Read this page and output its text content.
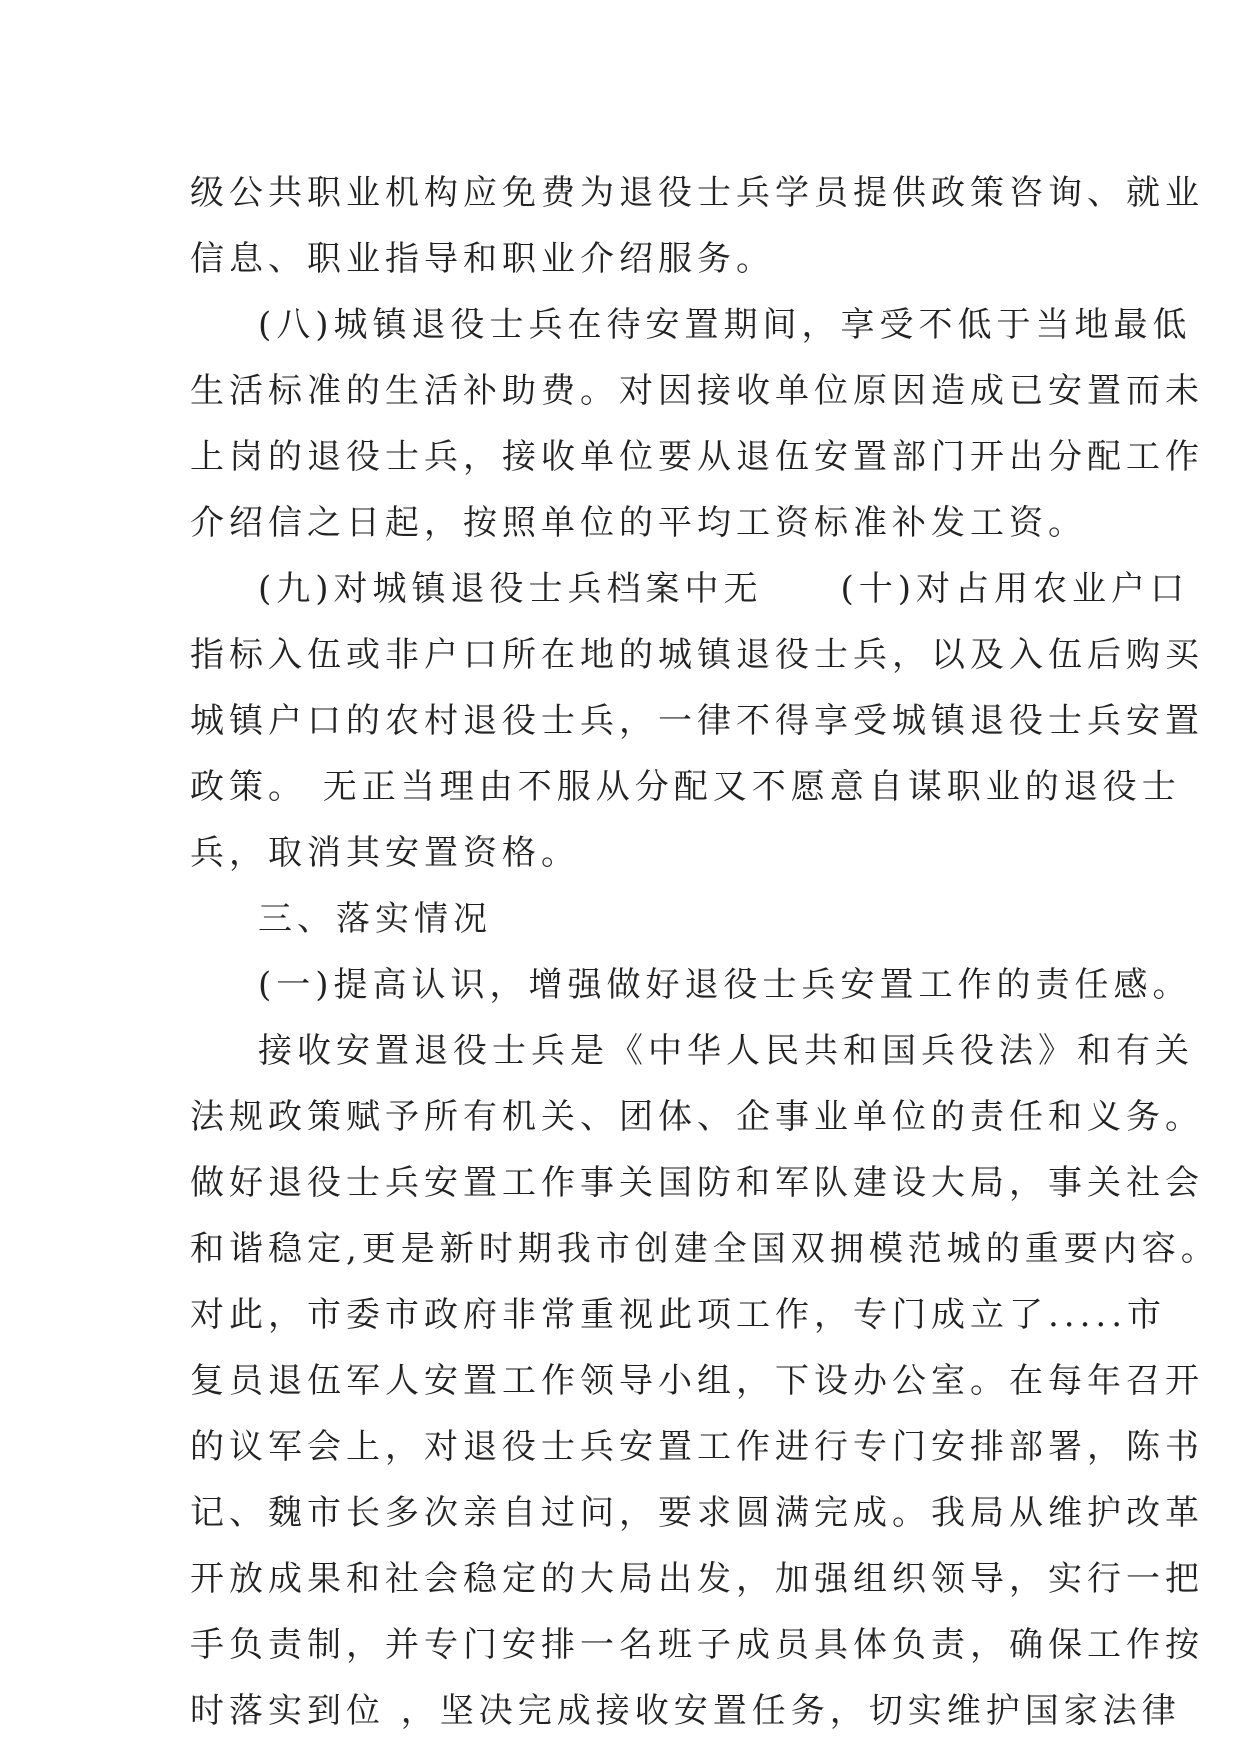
级公共职业机构应免费为退役士兵学员提供政策咨询、就业
信息、职业指导和职业介绍服务。
(八)城镇退役士兵在待安置期间，享受不低于当地最低
生活标准的生活补助费。对因接收单位原因造成已安置而未
上岗的退役士兵，接收单位要从退伍安置部门开出分配工作
介绍信之日起，按照单位的平均工资标准补发工资。
(九)对城镇退役士兵档案中无　　(十)对占用农业户口
指标入伍或非户口所在地的城镇退役士兵，以及入伍后购买
城镇户口的农村退役士兵，一律不得享受城镇退役士兵安置
政策。 无正当理由不服从分配又不愿意自谋职业的退役士
兵，取消其安置资格。
三、落实情况
(一)提高认识，增强做好退役士兵安置工作的责任感。
接收安置退役士兵是《中华人民共和国兵役法》和有关
法规政策赋予所有机关、团体、企事业单位的责任和义务。
做好退役士兵安置工作事关国防和军队建设大局，事关社会
和谐稳定,更是新时期我市创建全国双拥模范城的重要内容。
对此，市委市政府非常重视此项工作，专门成立了.....市
复员退伍军人安置工作领导小组，下设办公室。在每年召开
的议军会上，对退役士兵安置工作进行专门安排部署，陈书
记、魏市长多次亲自过问，要求圆满完成。我局从维护改革
开放成果和社会稳定的大局出发，加强组织领导，实行一把
手负责制，并专门安排一名班子成员具体负责，确保工作按
时落实到位 ，坚决完成接收安置任务，切实维护国家法律
